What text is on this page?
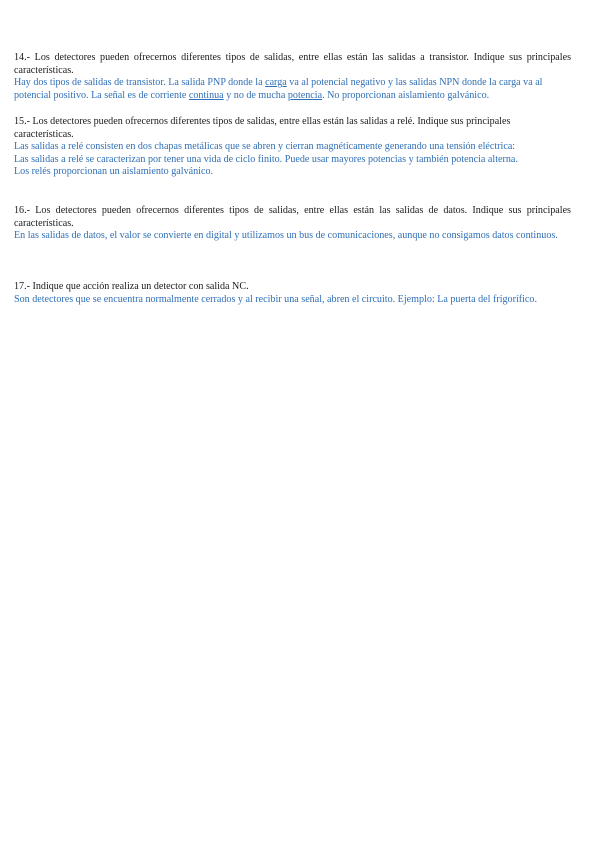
14.- Los detectores pueden ofrecernos diferentes tipos de salidas, entre ellas están las salidas a transistor. Indique sus principales características.

Hay dos tipos de salidas de transistor. La salida PNP donde la carga va al potencial negativo y las salidas NPN donde la carga va al potencial positivo. La señal es de corriente continua y no de mucha potencia. No proporcionan aislamiento galvánico.

15.- Los detectores pueden ofrecernos diferentes tipos de salidas, entre ellas están las salidas a relé. Indique sus principales características.

Las salidas a relé consisten en dos chapas metálicas que se abren y cierran magnéticamente generando una tensión eléctrica:

Las salidas a relé se caracterizan por tener una vida de ciclo finito. Puede usar mayores potencias y también potencia alterna.

Los relés proporcionan un aislamiento galvánico.

16.- Los detectores pueden ofrecernos diferentes tipos de salidas, entre ellas están las salidas de datos. Indique sus principales características.

En las salidas de datos, el valor se convierte en digital y utilizamos un bus de comunicaciones, aunque no consigamos datos continuos.

17.- Indique que acción realiza un detector con salida NC.

Son detectores que se encuentra normalmente cerrados y al recibir una señal, abren el circuito. Ejemplo: La puerta del frigorífico.
